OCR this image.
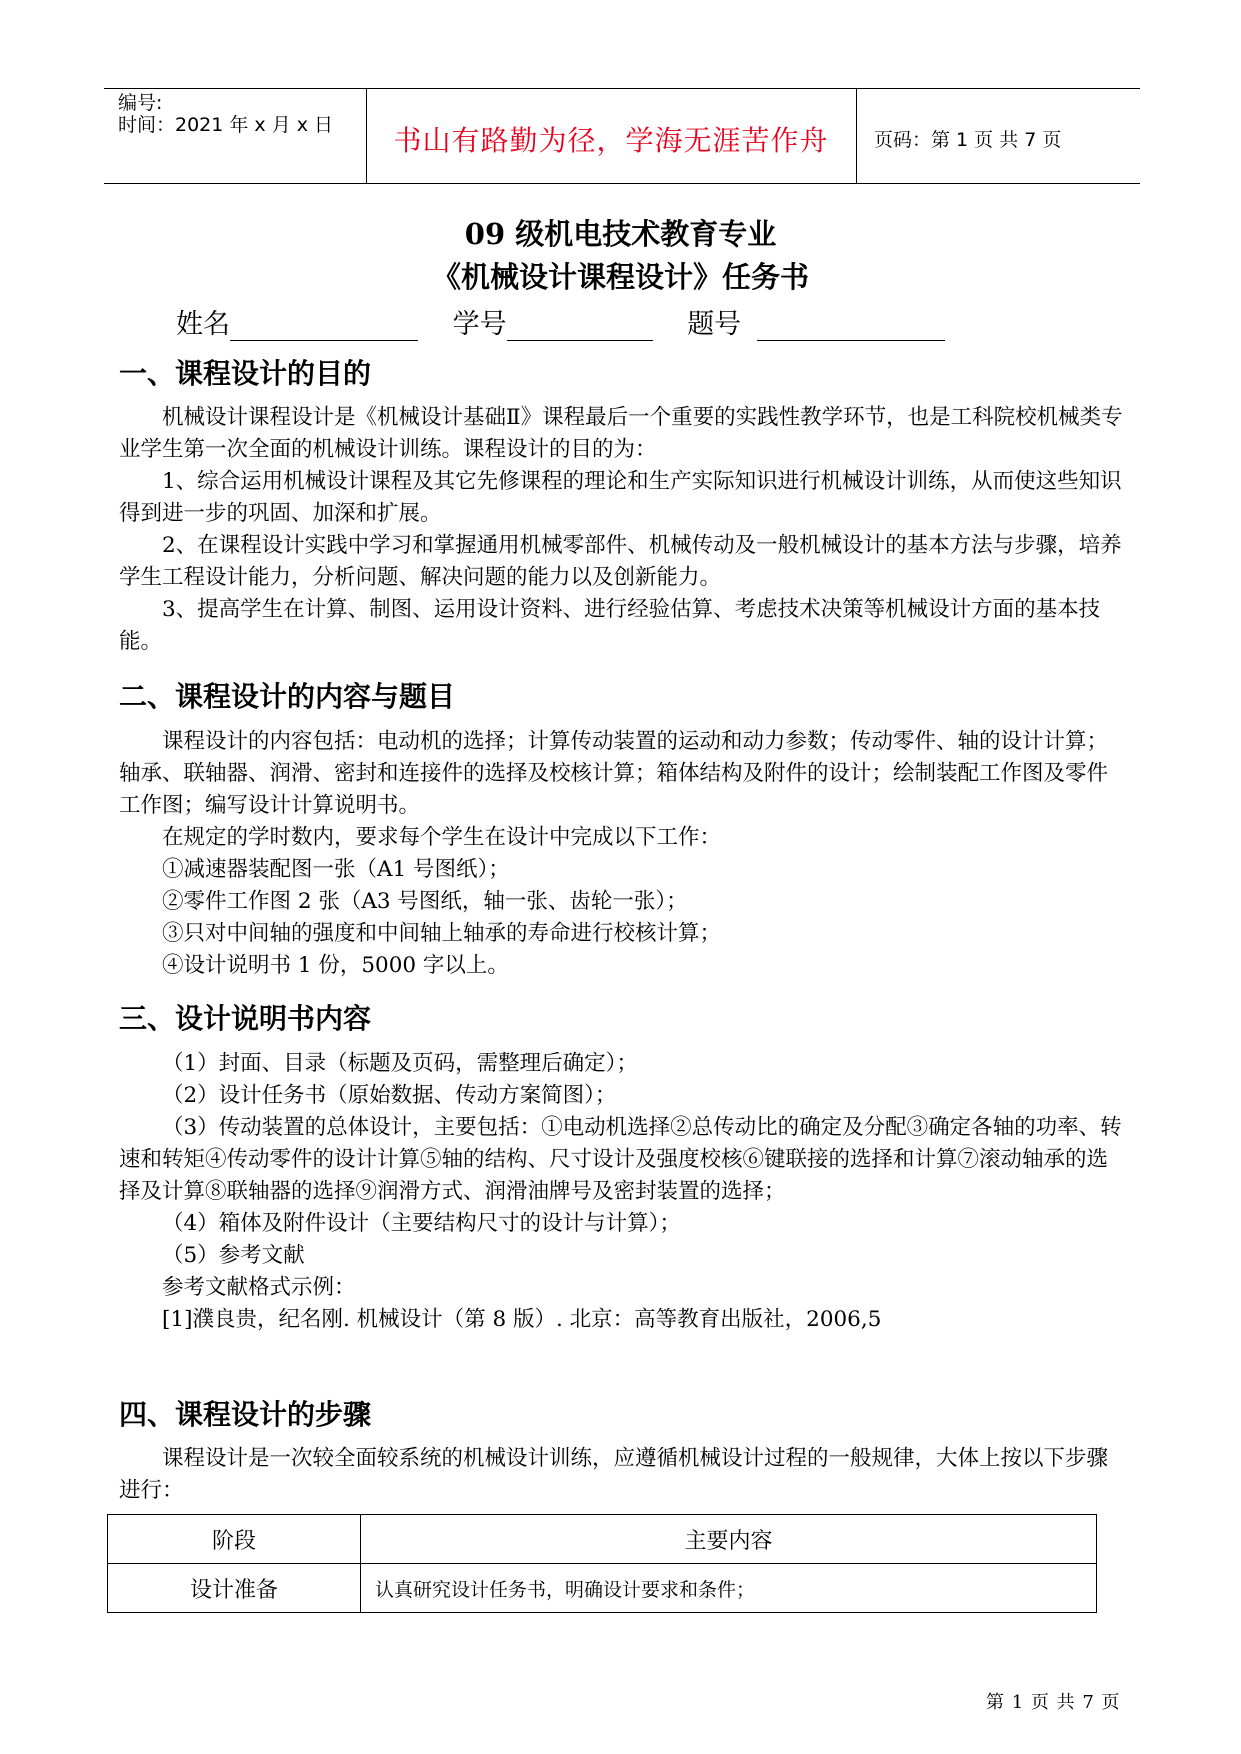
编号:
时间：2021 年 x 月 x 日	书山有路勤为径，学海无涯苦作舟	页码：第 1 页 共 7 页
09 级机电技术教育专业
《机械设计课程设计》任务书
姓名	学号	题号
一、课程设计的目的

机械设计课程设计是《机械设计基础Ⅱ》课程最后一个重要的实践性教学环节，也是工科院校机械类专业学生第一次全面的机械设计训练。课程设计的目的为：

1、综合运用机械设计课程及其它先修课程的理论和生产实际知识进行机械设计训练，从而使这些知识得到进一步的巩固、加深和扩展。

2、在课程设计实践中学习和掌握通用机械零部件、机械传动及一般机械设计的基本方法与步骤，培养学生工程设计能力，分析问题、解决问题的能力以及创新能力。

3、提高学生在计算、制图、运用设计资料、进行经验估算、考虑技术决策等机械设计方面的基本技能。

二、课程设计的内容与题目

课程设计的内容包括：电动机的选择；计算传动装置的运动和动力参数；传动零件、轴的设计计算；轴承、联轴器、润滑、密封和连接件的选择及校核计算；箱体结构及附件的设计；绘制装配工作图及零件工作图；编写设计计算说明书。

在规定的学时数内，要求每个学生在设计中完成以下工作：

①减速器装配图一张（A1 号图纸）；

②零件工作图 2 张（A3 号图纸，轴一张、齿轮一张）；

③只对中间轴的强度和中间轴上轴承的寿命进行校核计算；

④设计说明书 1 份，5000 字以上。

三、设计说明书内容

（1）封面、目录（标题及页码，需整理后确定）；

（2）设计任务书（原始数据、传动方案简图）；

（3）传动装置的总体设计，主要包括：①电动机选择②总传动比的确定及分配③确定各轴的功率、转速和转矩④传动零件的设计计算⑤轴的结构、尺寸设计及强度校核⑥键联接的选择和计算⑦滚动轴承的选择及计算⑧联轴器的选择⑨润滑方式、润滑油牌号及密封装置的选择；

（4）箱体及附件设计（主要结构尺寸的设计与计算）；

（5）参考文献

参考文献格式示例：

[1]濮良贵，纪名刚. 机械设计（第 8 版）. 北京：高等教育出版社，2006,5

四、课程设计的步骤

课程设计是一次较全面较系统的机械设计训练，应遵循机械设计过程的一般规律，大体上按以下步骤进行：

阶段	主要内容
设计准备	认真研究设计任务书，明确设计要求和条件；
第 1 页 共 7 页
